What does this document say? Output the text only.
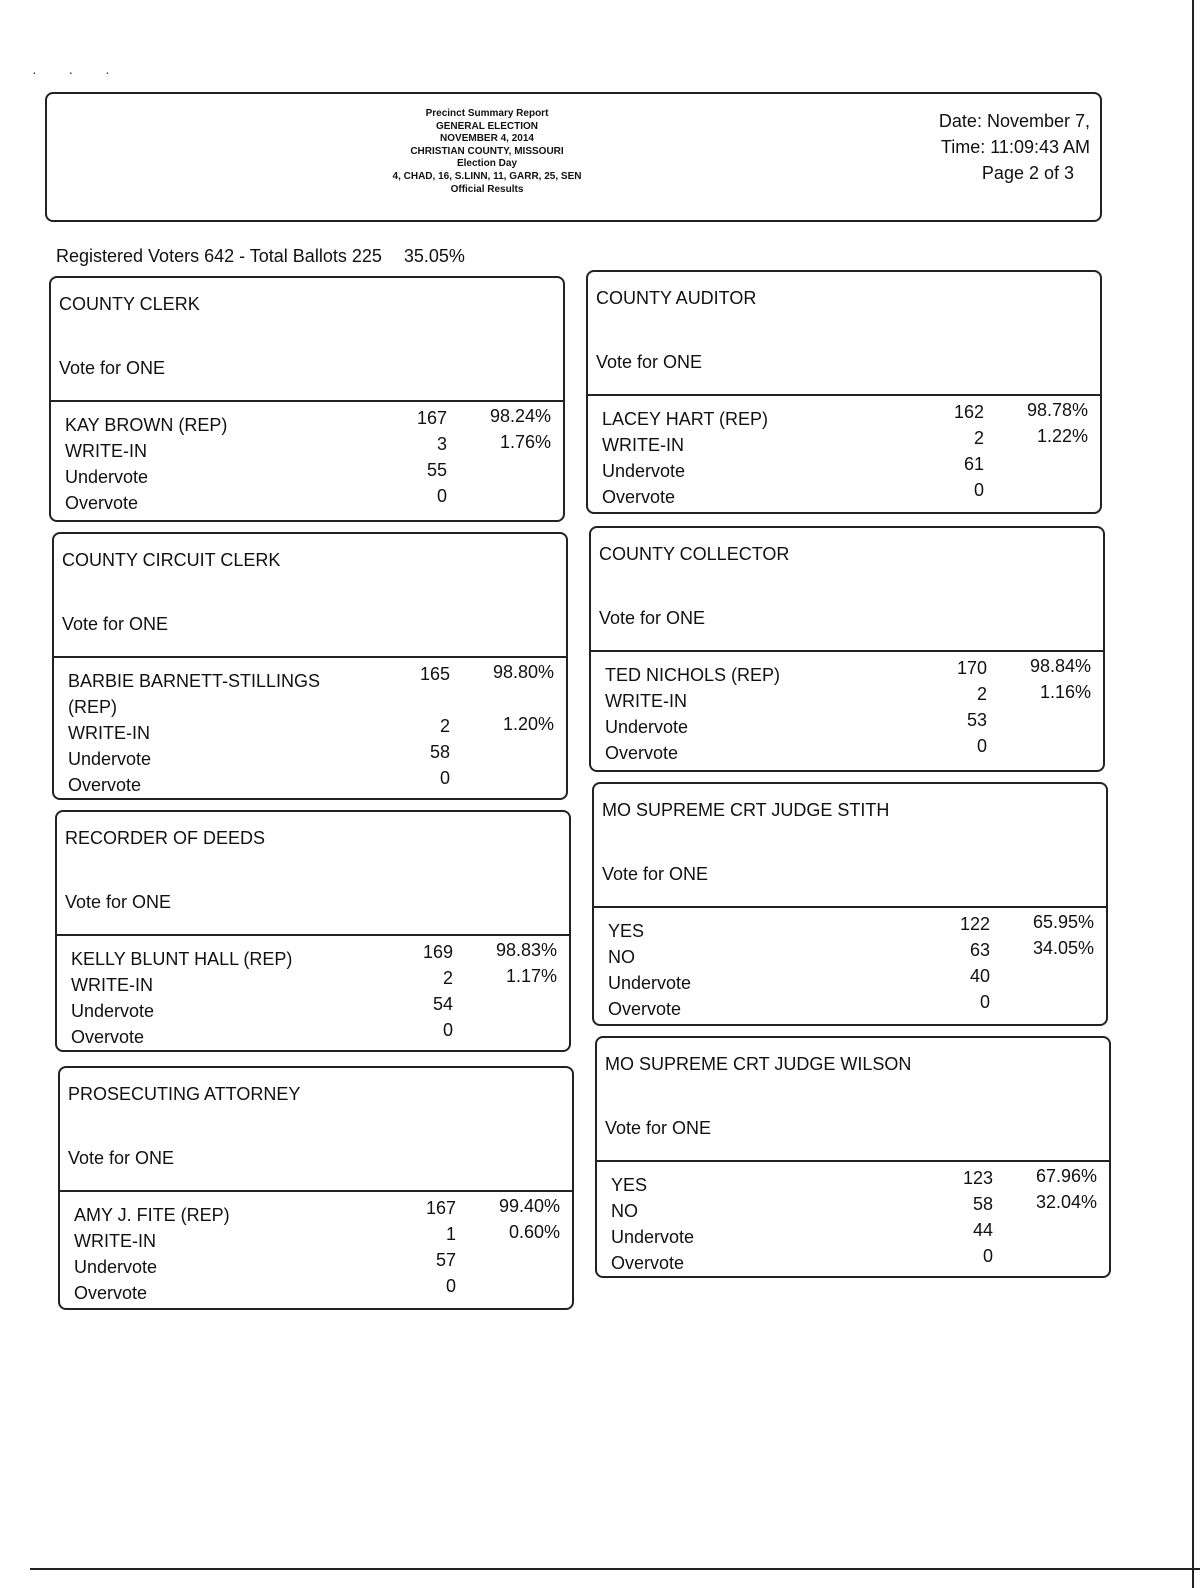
· · ·
Precinct Summary Report
GENERAL ELECTION
NOVEMBER 4, 2014
CHRISTIAN COUNTY, MISSOURI
Election Day
4, CHAD, 16, S.LINN, 11, GARR, 25, SEN
Official Results
Date: November 7,
Time: 11:09:43 AM
Page 2 of 3
Registered Voters 642 - Total Ballots 225 35.05%
COUNTY CLERK
Vote for ONE
KAY BROWN (REP)	167	98.24%
WRITE-IN	3	1.76%
Undervote	55
Overvote	0
COUNTY CIRCUIT CLERK
Vote for ONE
BARBIE BARNETT-STILLINGS (REP)
165	98.80%
WRITE-IN	2	1.20%
Undervote	58
Overvote	0
RECORDER OF DEEDS
Vote for ONE
KELLY BLUNT HALL (REP)	169	98.83%
WRITE-IN	2	1.17%
Undervote	54
Overvote	0
PROSECUTING ATTORNEY
Vote for ONE
AMY J. FITE (REP)	167	99.40%
WRITE-IN	1	0.60%
Undervote	57
Overvote	0
COUNTY AUDITOR
Vote for ONE
LACEY HART (REP)	162	98.78%
WRITE-IN	2	1.22%
Undervote	61
Overvote	0
COUNTY COLLECTOR
Vote for ONE
TED NICHOLS (REP)	170	98.84%
WRITE-IN	2	1.16%
Undervote	53
Overvote	0
MO SUPREME CRT JUDGE STITH
Vote for ONE
YES	122	65.95%
NO	63	34.05%
Undervote	40
Overvote	0
MO SUPREME CRT JUDGE WILSON
Vote for ONE
YES	123	67.96%
NO	58	32.04%
Undervote	44
Overvote	0
